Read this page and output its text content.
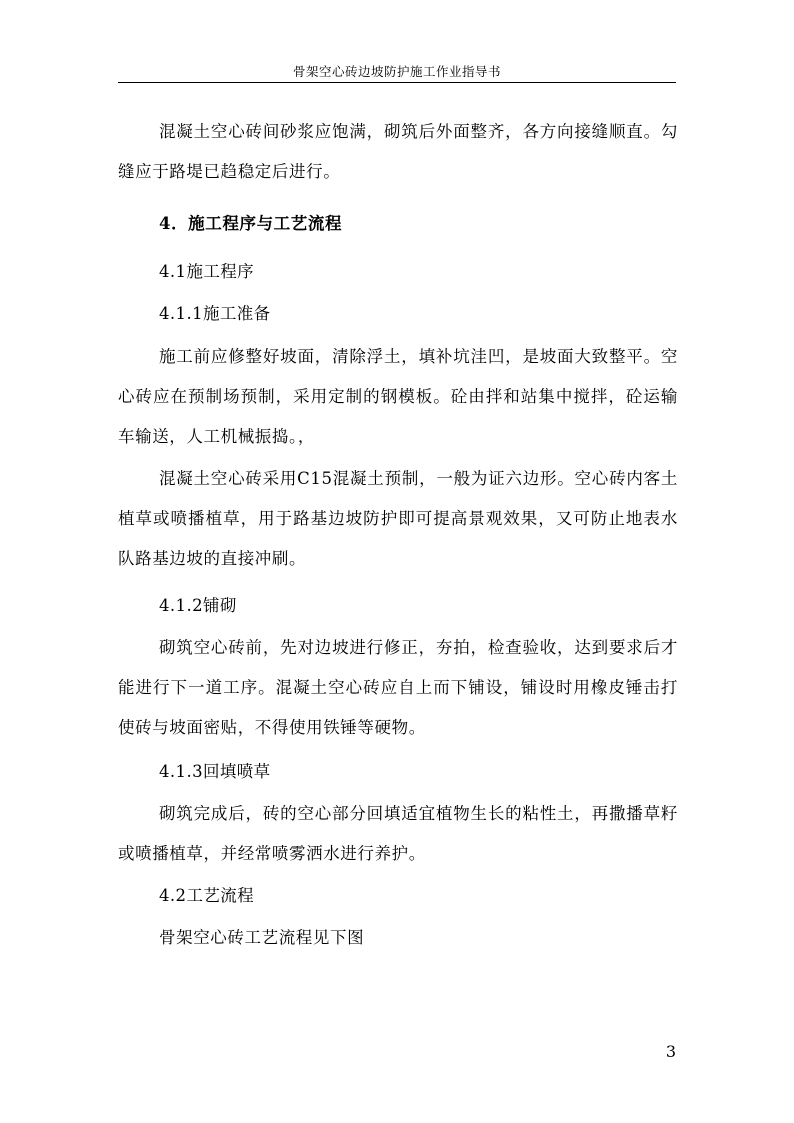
骨架空心砖边坡防护施工作业指导书

混凝土空心砖间砂浆应饱满，砌筑后外面整齐，各方向接缝顺直。勾缝应于路堤已趋稳定后进行。

4．施工程序与工艺流程

4.1施工程序

4.1.1施工准备

施工前应修整好坡面，清除浮土，填补坑洼凹，是坡面大致整平。空心砖应在预制场预制，采用定制的钢模板。砼由拌和站集中搅拌，砼运输车输送，人工机械振捣。，

混凝土空心砖采用C15混凝土预制，一般为证六边形。空心砖内客土植草或喷播植草，用于路基边坡防护即可提高景观效果，又可防止地表水队路基边坡的直接冲刷。

4.1.2铺砌

砌筑空心砖前，先对边坡进行修正，夯拍，检查验收，达到要求后才能进行下一道工序。混凝土空心砖应自上而下铺设，铺设时用橡皮锤击打使砖与坡面密贴，不得使用铁锤等硬物。

4.1.3回填喷草

砌筑完成后，砖的空心部分回填适宜植物生长的粘性土，再撒播草籽或喷播植草，并经常喷雾洒水进行养护。

4.2工艺流程

骨架空心砖工艺流程见下图

3
